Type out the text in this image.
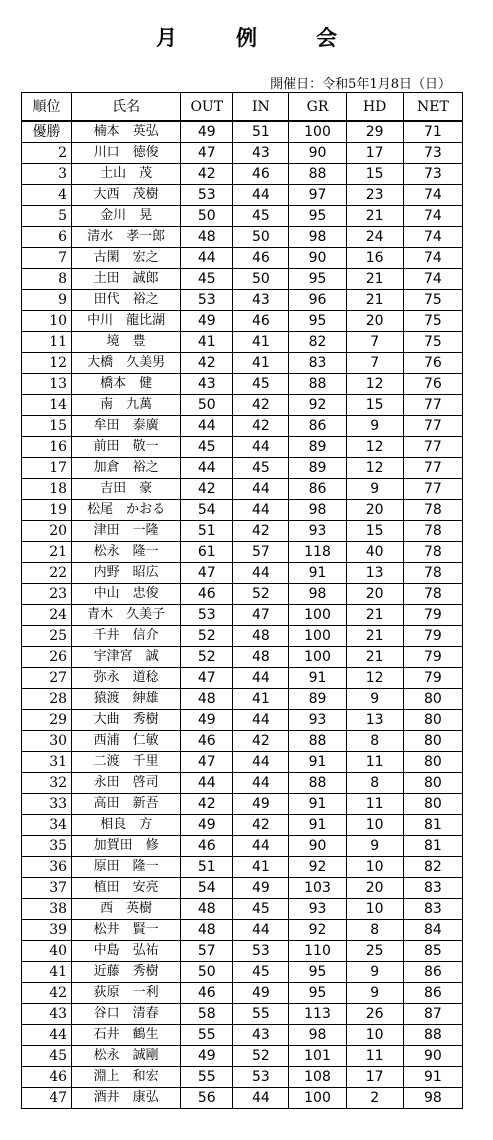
月　例　会
開催日：令和5年1月8日（日）
順位	氏名	OUT	IN	GR	HD	NET
優勝	楠本　英弘	49	51	100	29	71
2	川口　徳俊	47	43	90	17	73
3	土山　茂	42	46	88	15	73
4	大西　茂樹	53	44	97	23	74
5	金川　晃	50	45	95	21	74
6	清水　孝一郎	48	50	98	24	74
7	古閑　宏之	44	46	90	16	74
8	土田　誠郎	45	50	95	21	74
9	田代　裕之	53	43	96	21	75
10	中川　龍比湖	49	46	95	20	75
11	境　豊	41	41	82	7	75
12	大橋　久美男	42	41	83	7	76
13	橋本　健	43	45	88	12	76
14	南　九萬	50	42	92	15	77
15	牟田　泰廣	44	42	86	9	77
16	前田　敬一	45	44	89	12	77
17	加倉　裕之	44	45	89	12	77
18	吉田　豪	42	44	86	9	77
19	松尾　かおる	54	44	98	20	78
20	津田　一隆	51	42	93	15	78
21	松永　隆一	61	57	118	40	78
22	内野　昭広	47	44	91	13	78
23	中山　忠俊	46	52	98	20	78
24	青木　久美子	53	47	100	21	79
25	千井　信介	52	48	100	21	79
26	宇津宮　誠	52	48	100	21	79
27	弥永　道稔	47	44	91	12	79
28	猿渡　紳雄	48	41	89	9	80
29	大曲　秀樹	49	44	93	13	80
30	西浦　仁敏	46	42	88	8	80
31	二渡　千里	47	44	91	11	80
32	永田　啓司	44	44	88	8	80
33	高田　新吾	42	49	91	11	80
34	相良　方	49	42	91	10	81
35	加賀田　修	46	44	90	9	81
36	原田　隆一	51	41	92	10	82
37	植田　安亮	54	49	103	20	83
38	西　英樹	48	45	93	10	83
39	松井　賢一	48	44	92	8	84
40	中島　弘祐	57	53	110	25	85
41	近藤　秀樹	50	45	95	9	86
42	荻原　一利	46	49	95	9	86
43	谷口　清春	58	55	113	26	87
44	石井　鶴生	55	43	98	10	88
45	松永　誠剛	49	52	101	11	90
46	淵上　和宏	55	53	108	17	91
47	酒井　康弘	56	44	100	2	98
